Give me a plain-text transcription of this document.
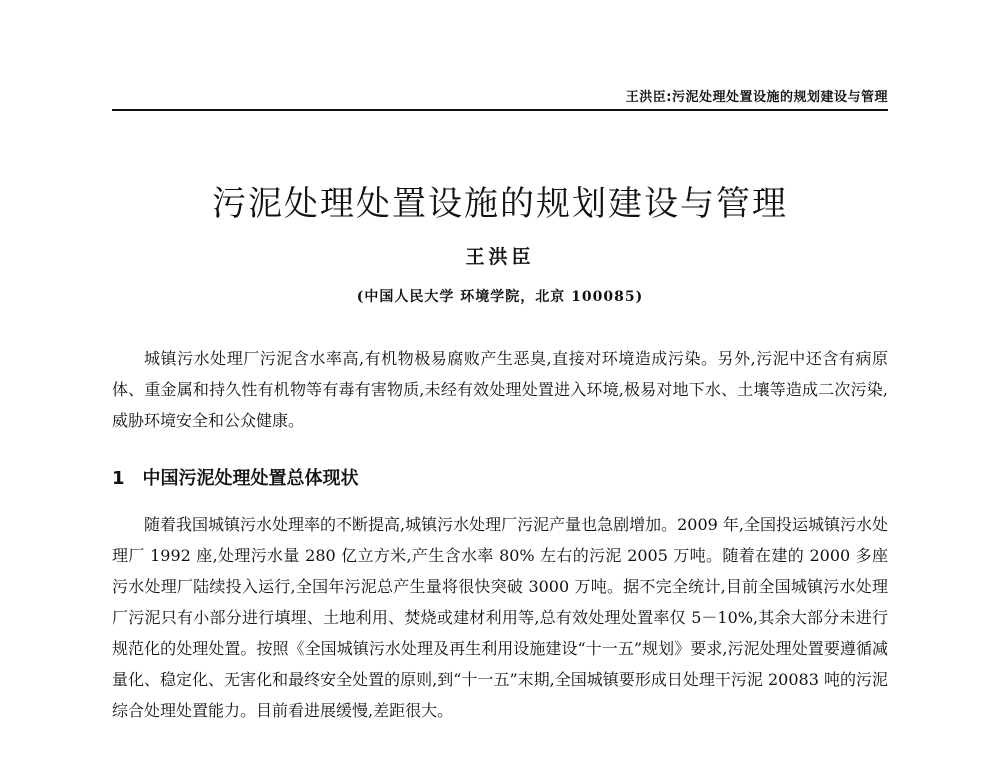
王洪臣:污泥处理处置设施的规划建设与管理
污泥处理处置设施的规划建设与管理
王洪臣
(中国人民大学 环境学院，北京 100085)

城镇污水处理厂污泥含水率高,有机物极易腐败产生恶臭,直接对环境造成污染。另外,污泥中还含有病原体、重金属和持久性有机物等有毒有害物质,未经有效处理处置进入环境,极易对地下水、土壤等造成二次污染,威胁环境安全和公众健康。

1 中国污泥处理处置总体现状

随着我国城镇污水处理率的不断提高,城镇污水处理厂污泥产量也急剧增加。2009 年,全国投运城镇污水处理厂 1992 座,处理污水量 280 亿立方米,产生含水率 80% 左右的污泥 2005 万吨。随着在建的 2000 多座污水处理厂陆续投入运行,全国年污泥总产生量将很快突破 3000 万吨。据不完全统计,目前全国城镇污水处理厂污泥只有小部分进行填埋、土地利用、焚烧或建材利用等,总有效处理处置率仅 5－10%,其余大部分未进行规范化的处理处置。按照《全国城镇污水处理及再生利用设施建设“十一五”规划》要求,污泥处理处置要遵循减量化、稳定化、无害化和最终安全处置的原则,到“十一五”末期,全国城镇要形成日处理干污泥 20083 吨的污泥综合处理处置能力。目前看进展缓慢,差距很大。
